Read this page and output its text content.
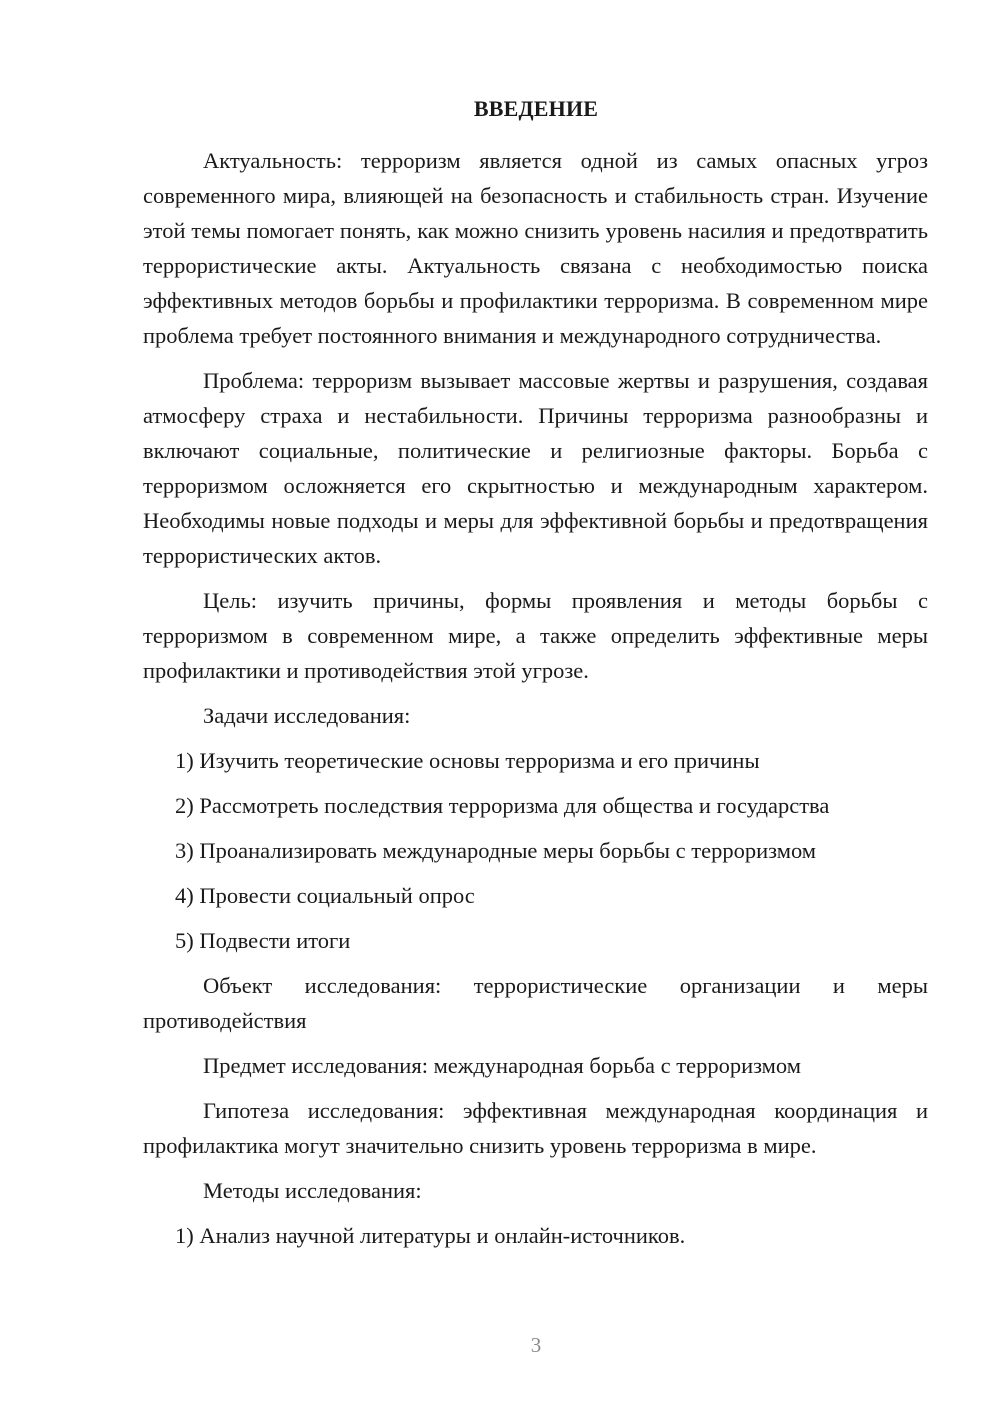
ВВЕДЕНИЕ

Актуальность: терроризм является одной из самых опасных угроз современного мира, влияющей на безопасность и стабильность стран. Изучение этой темы помогает понять, как можно снизить уровень насилия и предотвратить террористические акты. Актуальность связана с необходимостью поиска эффективных методов борьбы и профилактики терроризма. В современном мире проблема требует постоянного внимания и международного сотрудничества.

Проблема: терроризм вызывает массовые жертвы и разрушения, создавая атмосферу страха и нестабильности. Причины терроризма разнообразны и включают социальные, политические и религиозные факторы. Борьба с терроризмом осложняется его скрытностью и международным характером. Необходимы новые подходы и меры для эффективной борьбы и предотвращения террористических актов.

Цель: изучить причины, формы проявления и методы борьбы с терроризмом в современном мире, а также определить эффективные меры профилактики и противодействия этой угрозе.

Задачи исследования:

1) Изучить теоретические основы терроризма и его причины

2) Рассмотреть последствия терроризма для общества и государства

3) Проанализировать международные меры борьбы с терроризмом

4) Провести социальный опрос

5) Подвести итоги

Объект исследования: террористические организации и меры противодействия

Предмет исследования: международная борьба с терроризмом

Гипотеза исследования: эффективная международная координация и профилактика могут значительно снизить уровень терроризма в мире.

Методы исследования:

1) Анализ научной литературы и онлайн-источников.

3
